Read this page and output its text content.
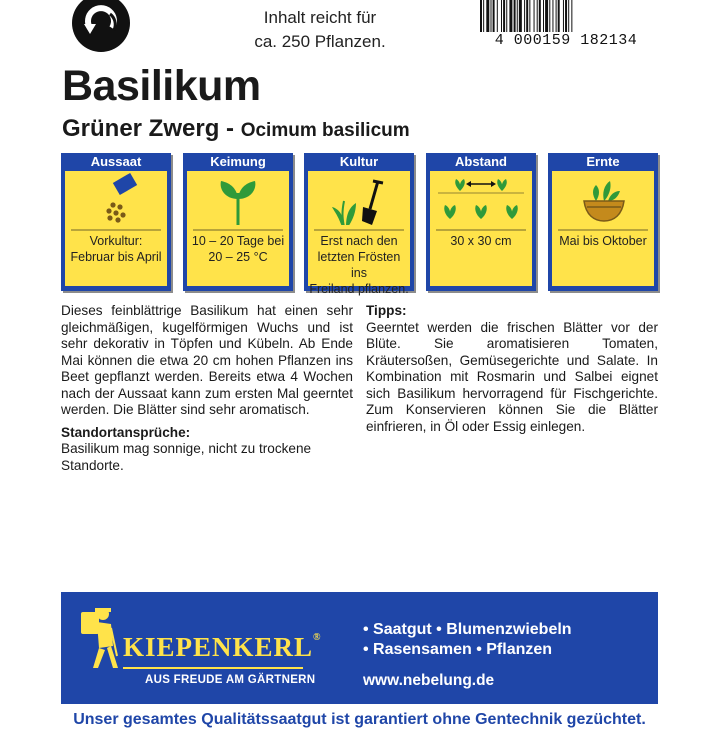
Inhalt reicht für
ca. 250 Pflanzen.	4 000159 182134
Basilikum
Grüner Zwerg - Ocimum basilicum
Aussaat
Vorkultur:
Februar bis April
Keimung
10 – 20 Tage bei
20 – 25 °C
Kultur
Erst nach den
letzten Frösten ins
Freiland pflanzen.
Abstand
30 x 30 cm
Ernte
Mai bis Oktober

Dieses feinblättrige Basilikum hat einen sehr gleichmäßigen, kugelförmigen Wuchs und ist sehr dekorativ in Töpfen und Kübeln. Ab Ende Mai können die etwa 20 cm hohen Pflanzen ins Beet gepflanzt werden. Bereits etwa 4 Wochen nach der Aussaat kann zum ersten Mal geerntet werden. Die Blätter sind sehr aromatisch.

Standortansprüche:

Basilikum mag sonnige, nicht zu trockene Standorte.

Tipps:

Geerntet werden die frischen Blätter vor der Blüte. Sie aromatisieren Tomaten, Kräutersoßen, Gemüsegerichte und Salate. In Kombination mit Rosmarin und Salbei eignet sich Basilikum hervorragend für Fischgerichte. Zum Konservieren können Sie die Blätter einfrieren, in Öl oder Essig einlegen.

KIEPENKERL®
AUS FREUDE AM GÄRTNERN
• Saatgut • Blumenzwiebeln
• Rasensamen • Pflanzen
www.nebelung.de
Unser gesamtes Qualitätssaatgut ist garantiert ohne Gentechnik gezüchtet.
